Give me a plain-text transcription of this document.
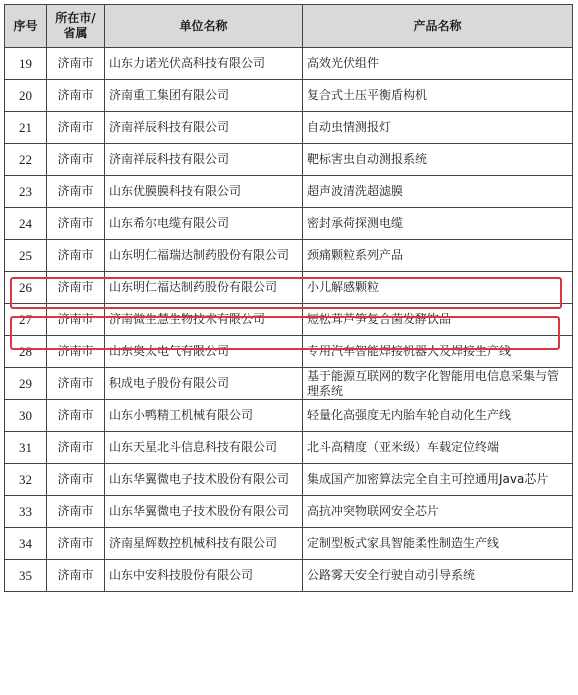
序号	所在市/省属	单位名称	产品名称
19	济南市	山东力诺光伏高科技有限公司	高效光伏组件
20	济南市	济南重工集团有限公司	复合式土压平衡盾构机
21	济南市	济南祥辰科技有限公司	自动虫情测报灯
22	济南市	济南祥辰科技有限公司	靶标害虫自动测报系统
23	济南市	山东优膜膜科技有限公司	超声波清洗超滤膜
24	济南市	山东希尔电缆有限公司	密封承荷探测电缆
25	济南市	山东明仁福瑞达制药股份有限公司	颈痛颗粒系列产品
26	济南市	山东明仁福达制药股份有限公司	小儿解感颗粒
27	济南市	济南微生慧生物技术有限公司	短松茸芦笋复合菌发酵饮品
28	济南市	山东奥太电气有限公司	专用汽车智能焊接机器人及焊接生产线
29	济南市	积成电子股份有限公司	基于能源互联网的数字化智能用电信息采集与管理系统
30	济南市	山东小鸭精工机械有限公司	轻量化高强度无内胎车轮自动化生产线
31	济南市	山东天星北斗信息科技有限公司	北斗高精度（亚米级）车载定位终端
32	济南市	山东华翼微电子技术股份有限公司	集成国产加密算法完全自主可控通用Java芯片
33	济南市	山东华翼微电子技术股份有限公司	高抗冲突物联网安全芯片
34	济南市	济南星辉数控机械科技有限公司	定制型板式家具智能柔性制造生产线
35	济南市	山东中安科技股份有限公司	公路雾天安全行驶自动引导系统
